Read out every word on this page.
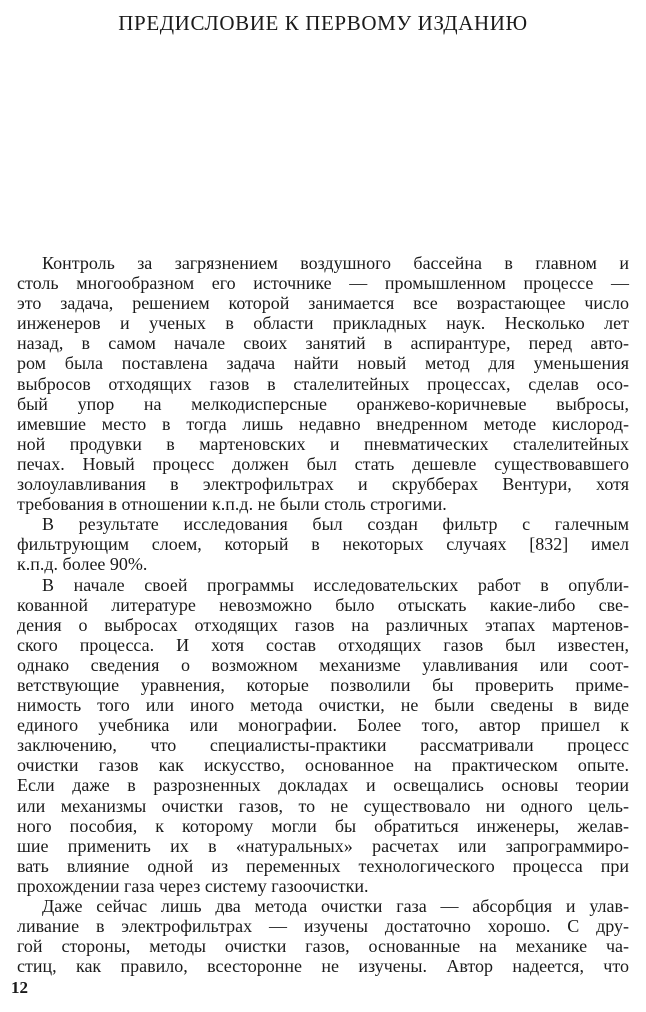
ПРЕДИСЛОВИЕ К ПЕРВОМУ ИЗДАНИЮ
Контроль за загрязнением воздушного бассейна в главном и
столь многообразном его источнике — промышленном процессе —
это задача, решением которой занимается все возрастающее число
инженеров и ученых в области прикладных наук. Несколько лет
назад, в самом начале своих занятий в аспирантуре, перед авто-
ром была поставлена задача найти новый метод для уменьшения
выбросов отходящих газов в сталелитейных процессах, сделав осо-
бый упор на мелкодисперсные оранжево-коричневые выбросы,
имевшие место в тогда лишь недавно внедренном методе кислород-
ной продувки в мартеновских и пневматических сталелитейных
печах. Новый процесс должен был стать дешевле существовавшего
золоулавливания в электрофильтрах и скрубберах Вентури, хотя
требования в отношении к.п.д. не были столь строгими.
В результате исследования был создан фильтр с галечным
фильтрующим слоем, который в некоторых случаях [832] имел
к.п.д. более 90%.
В начале своей программы исследовательских работ в опубли-
кованной литературе невозможно было отыскать какие-либо све-
дения о выбросах отходящих газов на различных этапах мартенов-
ского процесса. И хотя состав отходящих газов был известен,
однако сведения о возможном механизме улавливания или соот-
ветствующие уравнения, которые позволили бы проверить приме-
нимость того или иного метода очистки, не были сведены в виде
единого учебника или монографии. Более того, автор пришел к
заключению, что специалисты-практики рассматривали процесс
очистки газов как искусство, основанное на практическом опыте.
Если даже в разрозненных докладах и освещались основы теории
или механизмы очистки газов, то не существовало ни одного цель-
ного пособия, к которому могли бы обратиться инженеры, желав-
шие применить их в «натуральных» расчетах или запрограммиро-
вать влияние одной из переменных технологического процесса при
прохождении газа через систему газоочистки.
Даже сейчас лишь два метода очистки газа — абсорбция и улав-
ливание в электрофильтрах — изучены достаточно хорошо. С дру-
гой стороны, методы очистки газов, основанные на механике ча-
стиц, как правило, всесторонне не изучены. Автор надеется, что
12
